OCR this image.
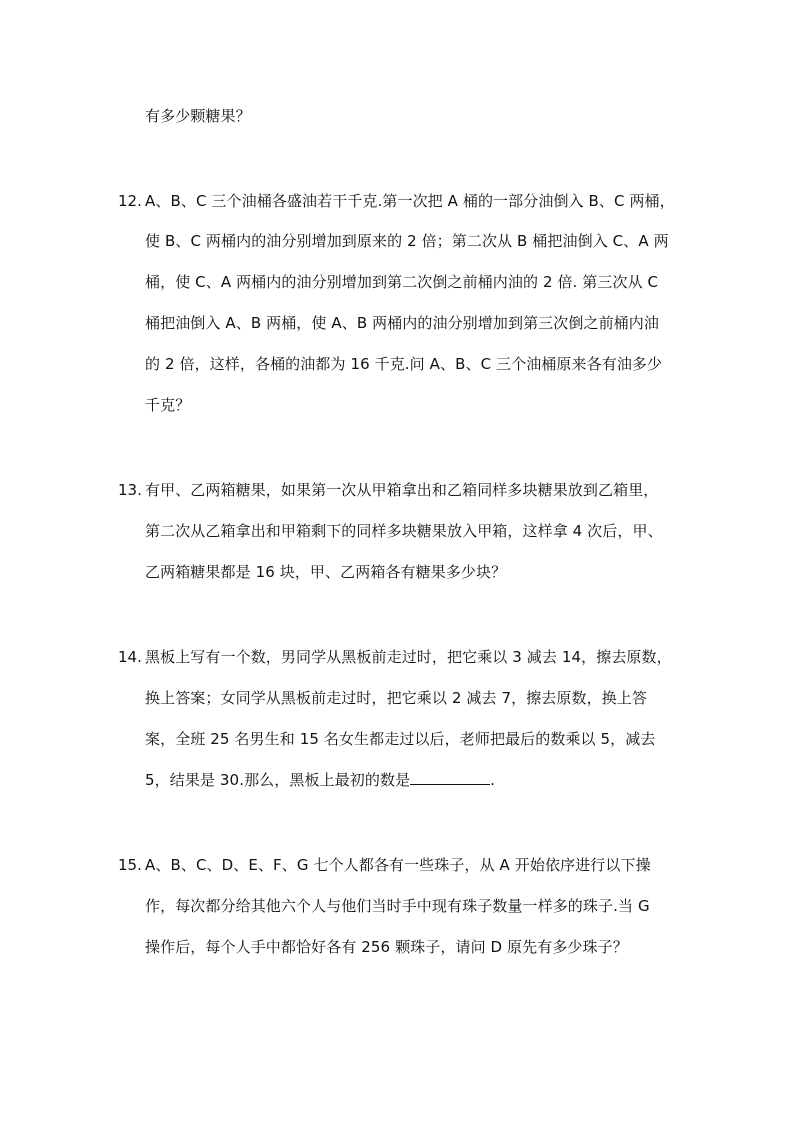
有多少颗糖果？
12. A、B、C 三个油桶各盛油若干千克.第一次把 A 桶的一部分油倒入 B、C 两桶，
使 B、C 两桶内的油分别增加到原来的 2 倍；第二次从 B 桶把油倒入 C、A 两
桶，使 C、A 两桶内的油分别增加到第二次倒之前桶内油的 2 倍. 第三次从 C
桶把油倒入 A、B 两桶，使 A、B 两桶内的油分别增加到第三次倒之前桶内油
的 2 倍，这样，各桶的油都为 16 千克.问 A、B、C 三个油桶原来各有油多少
千克？
13. 有甲、乙两箱糖果，如果第一次从甲箱拿出和乙箱同样多块糖果放到乙箱里，
第二次从乙箱拿出和甲箱剩下的同样多块糖果放入甲箱，这样拿 4 次后，甲、
乙两箱糖果都是 16 块，甲、乙两箱各有糖果多少块？
14. 黑板上写有一个数，男同学从黑板前走过时，把它乘以 3 减去 14，擦去原数，
换上答案；女同学从黑板前走过时，把它乘以 2 减去 7，擦去原数，换上答
案，全班 25 名男生和 15 名女生都走过以后，老师把最后的数乘以 5，减去
5，结果是 30.那么，黑板上最初的数是	.
15. A、B、C、D、E、F、G 七个人都各有一些珠子，从 A 开始依序进行以下操
作，每次都分给其他六个人与他们当时手中现有珠子数量一样多的珠子.当 G
操作后，每个人手中都恰好各有 256 颗珠子，请问 D 原先有多少珠子？
